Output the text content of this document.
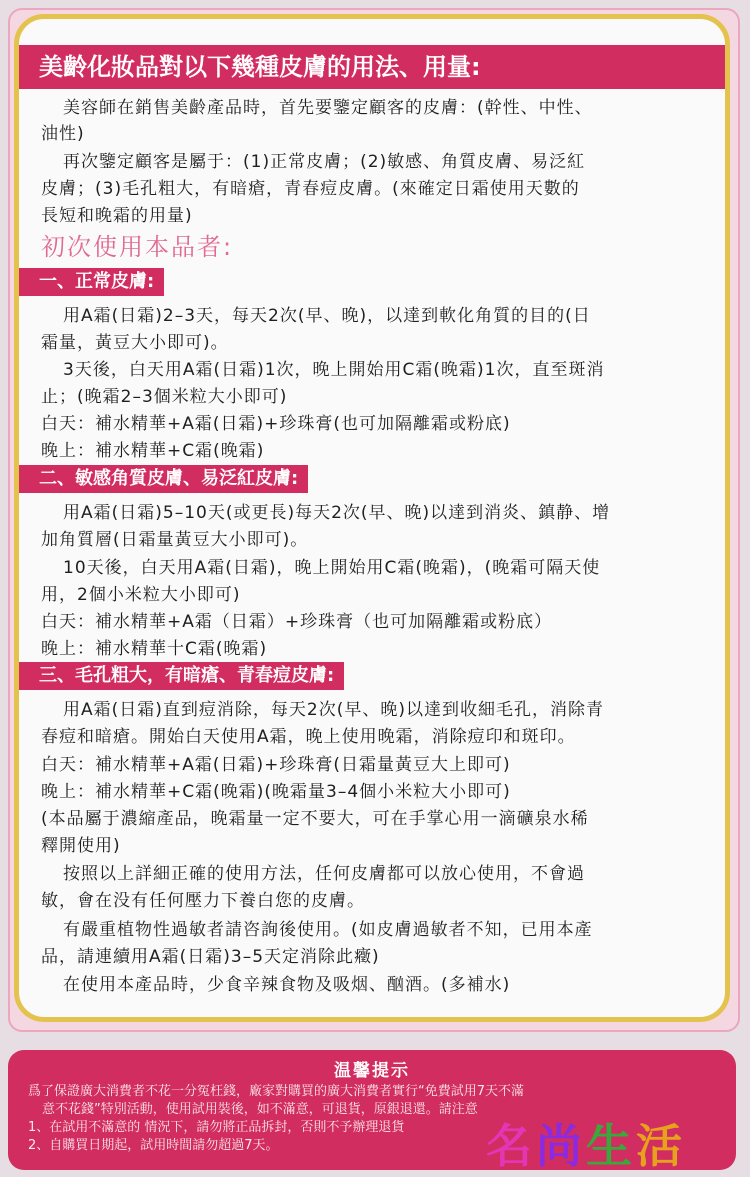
美齡化妝品對以下幾種皮膚的用法、用量:
美容師在銷售美齡產品時，首先要鑒定顧客的皮膚：(幹性、中性、
油性)
再次鑒定顧客是屬于：(1)正常皮膚；(2)敏感、角質皮膚、易泛紅
皮膚；(3)毛孔粗大，有暗瘡，青春痘皮膚。(來確定日霜使用天數的
長短和晚霜的用量)
初次使用本品者:
一、正常皮膚:
用A霜(日霜)2–3天，每天2次(早、晚)，以達到軟化角質的目的(日
霜量，黃豆大小即可)。
3天後，白天用A霜(日霜)1次，晚上開始用C霜(晚霜)1次，直至斑消
止；(晚霜2–3個米粒大小即可)
白天：補水精華+A霜(日霜)+珍珠膏(也可加隔離霜或粉底)
晚上：補水精華+C霜(晚霜)
二、敏感角質皮膚、易泛紅皮膚:
用A霜(日霜)5–10天(或更長)每天2次(早、晚)以達到消炎、鎮静、增
加角質層(日霜量黃豆大小即可)。
10天後，白天用A霜(日霜)，晚上開始用C霜(晚霜)，(晚霜可隔天使
用，2個小米粒大小即可)
白天：補水精華+A霜（日霜）+珍珠膏（也可加隔離霜或粉底）
晚上：補水精華十C霜(晚霜)
三、毛孔粗大，有暗瘡、青春痘皮膚:
用A霜(日霜)直到痘消除，每天2次(早、晚)以達到收細毛孔，消除青
春痘和暗瘡。開始白天使用A霜，晚上使用晚霜，消除痘印和斑印。
白天：補水精華+A霜(日霜)+珍珠膏(日霜量黃豆大上即可)
晚上：補水精華+C霜(晚霜)(晚霜量3–4個小米粒大小即可)
(本品屬于濃縮產品，晚霜量一定不要大，可在手掌心用一滴礦泉水稀
釋開使用)
按照以上詳細正確的使用方法，任何皮膚都可以放心使用，不會過
敏，會在没有任何壓力下養白您的皮膚。
有嚴重植物性過敏者請咨詢後使用。(如皮膚過敏者不知，已用本產
品，請連續用A霜(日霜)3–5天定消除此癥)
在使用本產品時，少食辛辣食物及吸烟、酗酒。(多補水)
温馨提示
爲了保證廣大消費者不花一分冤枉錢，廠家對購買的廣大消費者實行“免費試用7天不滿
意不花錢”特別活動，使用試用裝後，如不滿意，可退貨，原銀退還。請注意
1、在試用不滿意的 情況下，請勿將正品拆封，否則不予辦理退貨
2、自購買日期起，試用時間請勿超過7天。	名尚生活
